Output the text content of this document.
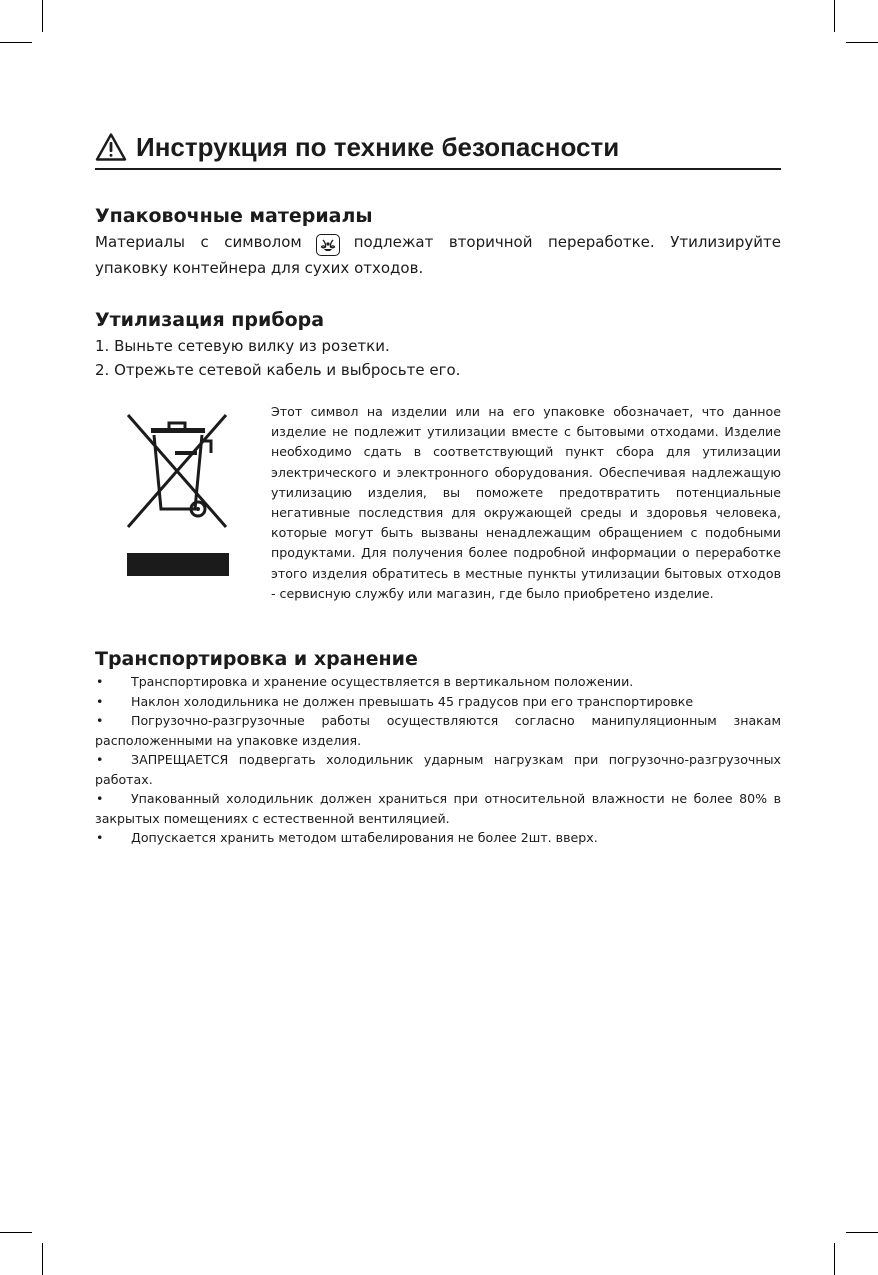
Инструкция по технике безопасности
Упаковочные материалы

Материалы с символом	подлежат вторичной переработке. Утилизируйте упаковку контейнера для сухих отходов.

Утилизация прибора

1. Выньте сетевую вилку из розетки.

2. Отрежьте сетевой кабель и выбросьте его.

Этот символ на изделии или на его упаковке обозначает, что данное изделие не подлежит утилизации вместе с бытовыми отходами. Изделие необходимо сдать в соответствующий пункт сбора для утилизации электрического и электронного оборудования. Обеспечивая надлежащую утилизацию изделия, вы поможете предотвратить потенциальные негативные последствия для окружающей среды и здоровья человека, которые могут быть вызваны ненадлежащим обращением с подобными продуктами. Для получения более подробной информации о переработке этого изделия обратитесь в местные пункты утилизации бытовых отходов - сервисную службу или магазин, где было приобретено изделие.

Транспортировка и хранение
• Транспортировка и хранение осуществляется в вертикальном положении.
• Наклон холодильника не должен превышать 45 градусов при его транспортировке
• Погрузочно-разгрузочные работы осуществляются согласно манипуляционным знакам расположенными на упаковке изделия.
• ЗАПРЕЩАЕТСЯ подвергать холодильник ударным нагрузкам при погрузочно-разгрузочных работах.
• Упакованный холодильник должен храниться при относительной влажности не более 80% в закрытых помещениях с естественной вентиляцией.
• Допускается хранить методом штабелирования не более 2шт. вверх.
